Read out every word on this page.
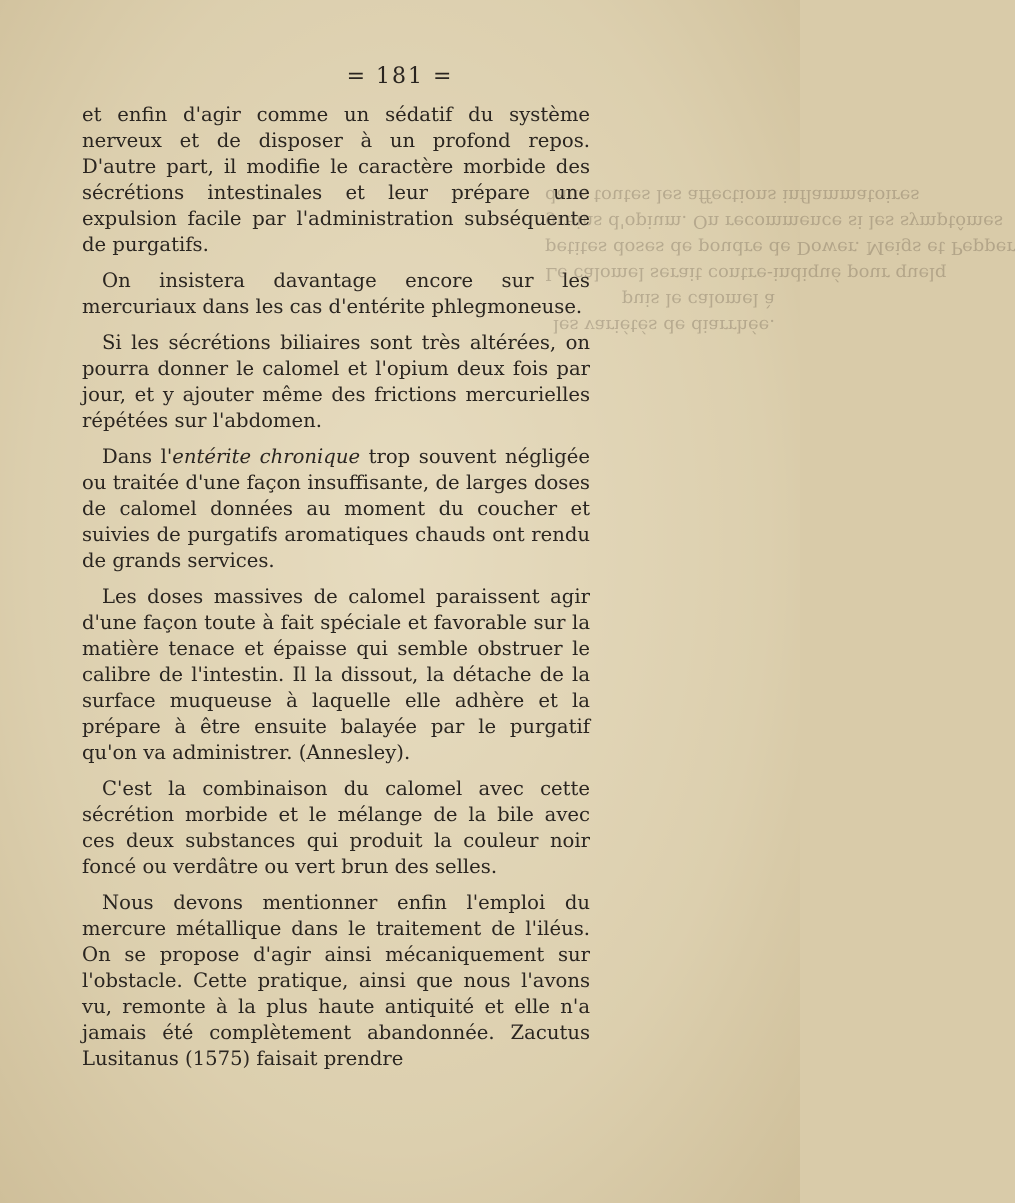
= 181 =

et enfin d'agir comme un sédatif du système nerveux et de disposer à un profond repos. D'autre part, il modifie le caractère morbide des sécrétions intestinales et leur prépare une expulsion facile par l'administration subséquente de purgatifs.

On insistera davantage encore sur les mercuriaux dans les cas d'entérite phlegmoneuse.

Si les sécrétions biliaires sont très altérées, on pourra donner le calomel et l'opium deux fois par jour, et y ajouter même des frictions mercurielles répétées sur l'abdomen.

Dans l'entérite chronique trop souvent négligée ou traitée d'une façon insuffisante, de larges doses de calomel données au moment du coucher et suivies de purgatifs aromatiques chauds ont rendu de grands services.

Les doses massives de calomel paraissent agir d'une façon toute à fait spéciale et favorable sur la matière tenace et épaisse qui semble obstruer le calibre de l'intestin. Il la dissout, la détache de la surface muqueuse à laquelle elle adhère et la prépare à être ensuite balayée par le purgatif qu'on va administrer. (Annesley).

C'est la combinaison du calomel avec cette sécrétion morbide et le mélange de la bile avec ces deux substances qui produit la couleur noir foncé ou verdâtre ou vert brun des selles.

Nous devons mentionner enfin l'emploi du mercure métallique dans le traitement de l'iléus. On se propose d'agir ainsi mécaniquement sur l'obstacle. Cette pratique, ainsi que nous l'avons vu, remonte à la plus haute antiquité et elle n'a jamais été complètement abandonnée. Zacutus Lusitanus (1575) faisait prendre

les variétés de diarrhée.
puis le calomel à
Le calomel serait contre-indiqué pour quelq
petites doses de poudre de Dower. Meigs et Pepper
grains d'opium. On recommence si les symptômes
dans toutes les affections inflammatoires
